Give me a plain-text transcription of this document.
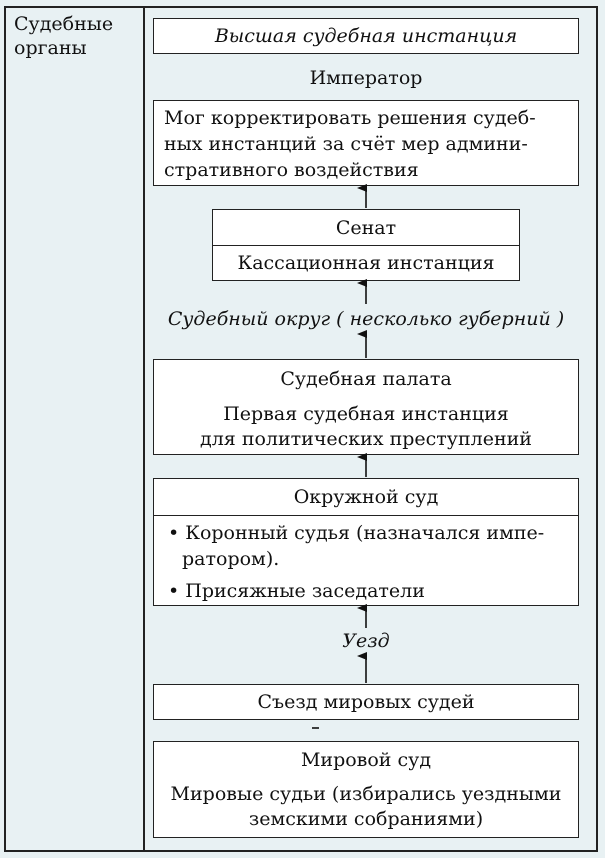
Судебные
органы
Высшая судебная инстанция
Император
Мог корректировать решения судеб-
ных инстанций за счёт мер админи-
стративного воздействия
Сенат
Кассационная инстанция
Судебный округ ( несколько губерний )
Судебная палата
Первая судебная инстанция
для политических преступлений
Окружной суд
• Коронный судья (назначался импе-
ратором).
• Присяжные заседатели
Уезд
Съезд мировых судей
Мировой суд
Мировые судьи (избирались уездными
земскими собраниями)
